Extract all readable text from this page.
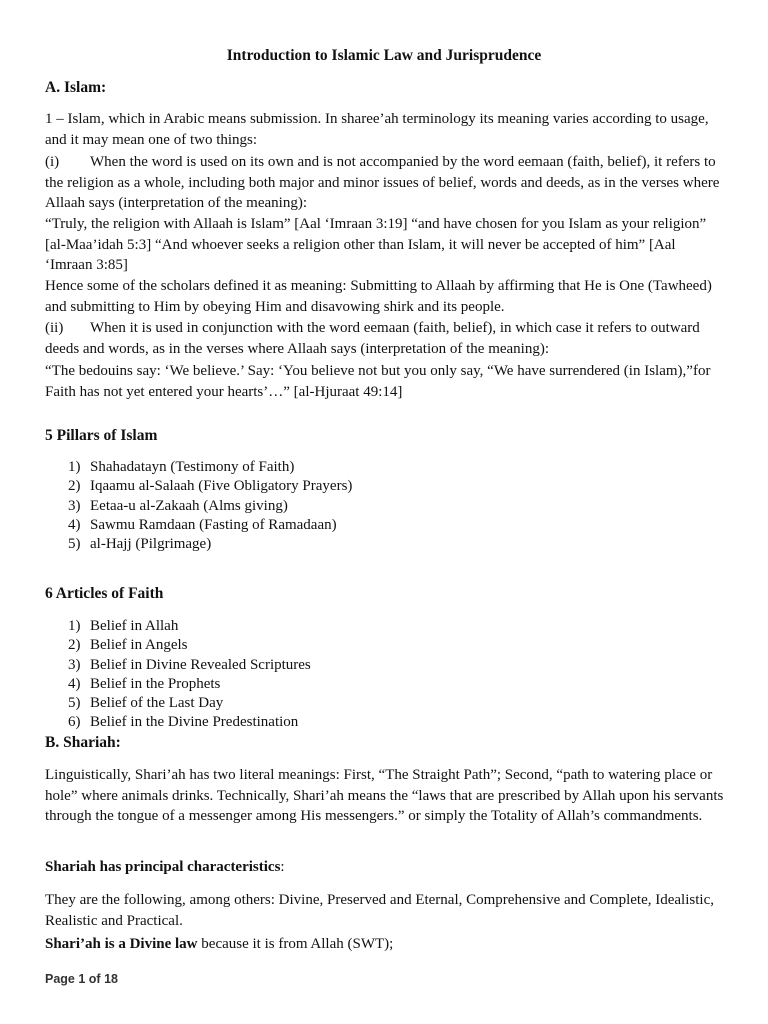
Introduction to Islamic Law and Jurisprudence
A. Islam:
1 – Islam, which in Arabic means submission. In sharee’ah terminology its meaning varies according to usage, and it may mean one of two things:
(i) When the word is used on its own and is not accompanied by the word eemaan (faith, belief), it refers to the religion as a whole, including both major and minor issues of belief, words and deeds, as in the verses where Allaah says (interpretation of the meaning):
“Truly, the religion with Allaah is Islam” [Aal ‘Imraan 3:19] “and have chosen for you Islam as your religion” [al-Maa’idah 5:3] “And whoever seeks a religion other than Islam, it will never be accepted of him” [Aal ‘Imraan 3:85]
Hence some of the scholars defined it as meaning: Submitting to Allaah by affirming that He is One (Tawheed) and submitting to Him by obeying Him and disavowing shirk and its people.
(ii) When it is used in conjunction with the word eemaan (faith, belief), in which case it refers to outward deeds and words, as in the verses where Allaah says (interpretation of the meaning):
“The bedouins say: ‘We believe.’ Say: ‘You believe not but you only say, “We have surrendered (in Islam),”for Faith has not yet entered your hearts’…” [al-Hjuraat 49:14]
5 Pillars of Islam
1) Shahadatayn (Testimony of Faith)
2) Iqaamu al-Salaah (Five Obligatory Prayers)
3) Eetaa-u al-Zakaah (Alms giving)
4) Sawmu Ramdaan (Fasting of Ramadaan)
5) al-Hajj (Pilgrimage)
6 Articles of Faith
1) Belief in Allah
2) Belief in Angels
3) Belief in Divine Revealed Scriptures
4) Belief in the Prophets
5) Belief of the Last Day
6) Belief in the Divine Predestination
B. Shariah:
Linguistically, Shari’ah has two literal meanings: First, “The Straight Path”; Second, “path to watering place or hole” where animals drinks. Technically, Shari’ah means the “laws that are prescribed by Allah upon his servants through the tongue of a messenger among His messengers.” or simply the Totality of Allah’s commandments.
Shariah has principal characteristics:
They are the following, among others: Divine, Preserved and Eternal, Comprehensive and Complete, Idealistic, Realistic and Practical.
Shari’ah is a Divine law because it is from Allah (SWT);
Page 1 of 18
